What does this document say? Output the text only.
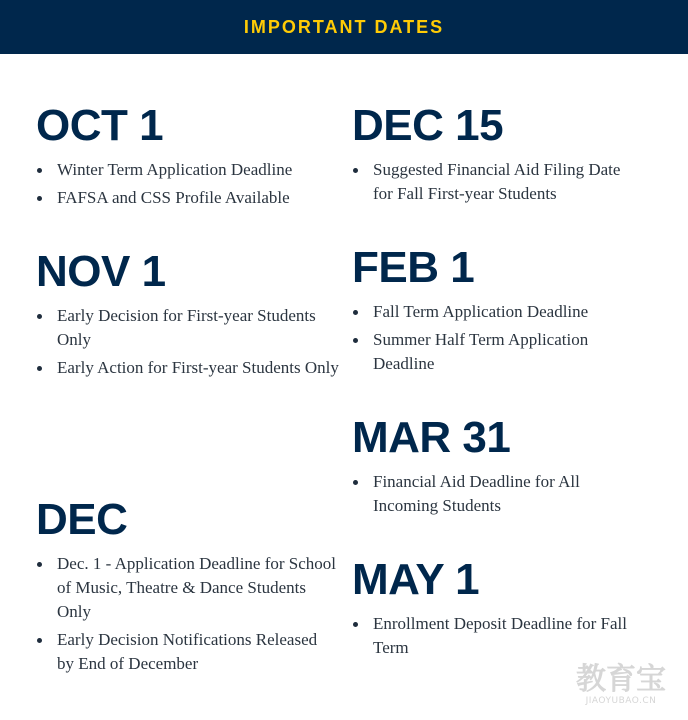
IMPORTANT DATES
OCT 1
Winter Term Application Deadline
FAFSA and CSS Profile Available
NOV 1
Early Decision for First-year Students Only
Early Action for First-year Students Only
DEC
Dec. 1 - Application Deadline for School of Music, Theatre & Dance Students Only
Early Decision Notifications Released by End of December
DEC 15
Suggested Financial Aid Filing Date for Fall First-year Students
FEB 1
Fall Term Application Deadline
Summer Half Term Application Deadline
MAR 31
Financial Aid Deadline for All Incoming Students
MAY 1
Enrollment Deposit Deadline for Fall Term
教育宝
JIAOYUBAO.CN
